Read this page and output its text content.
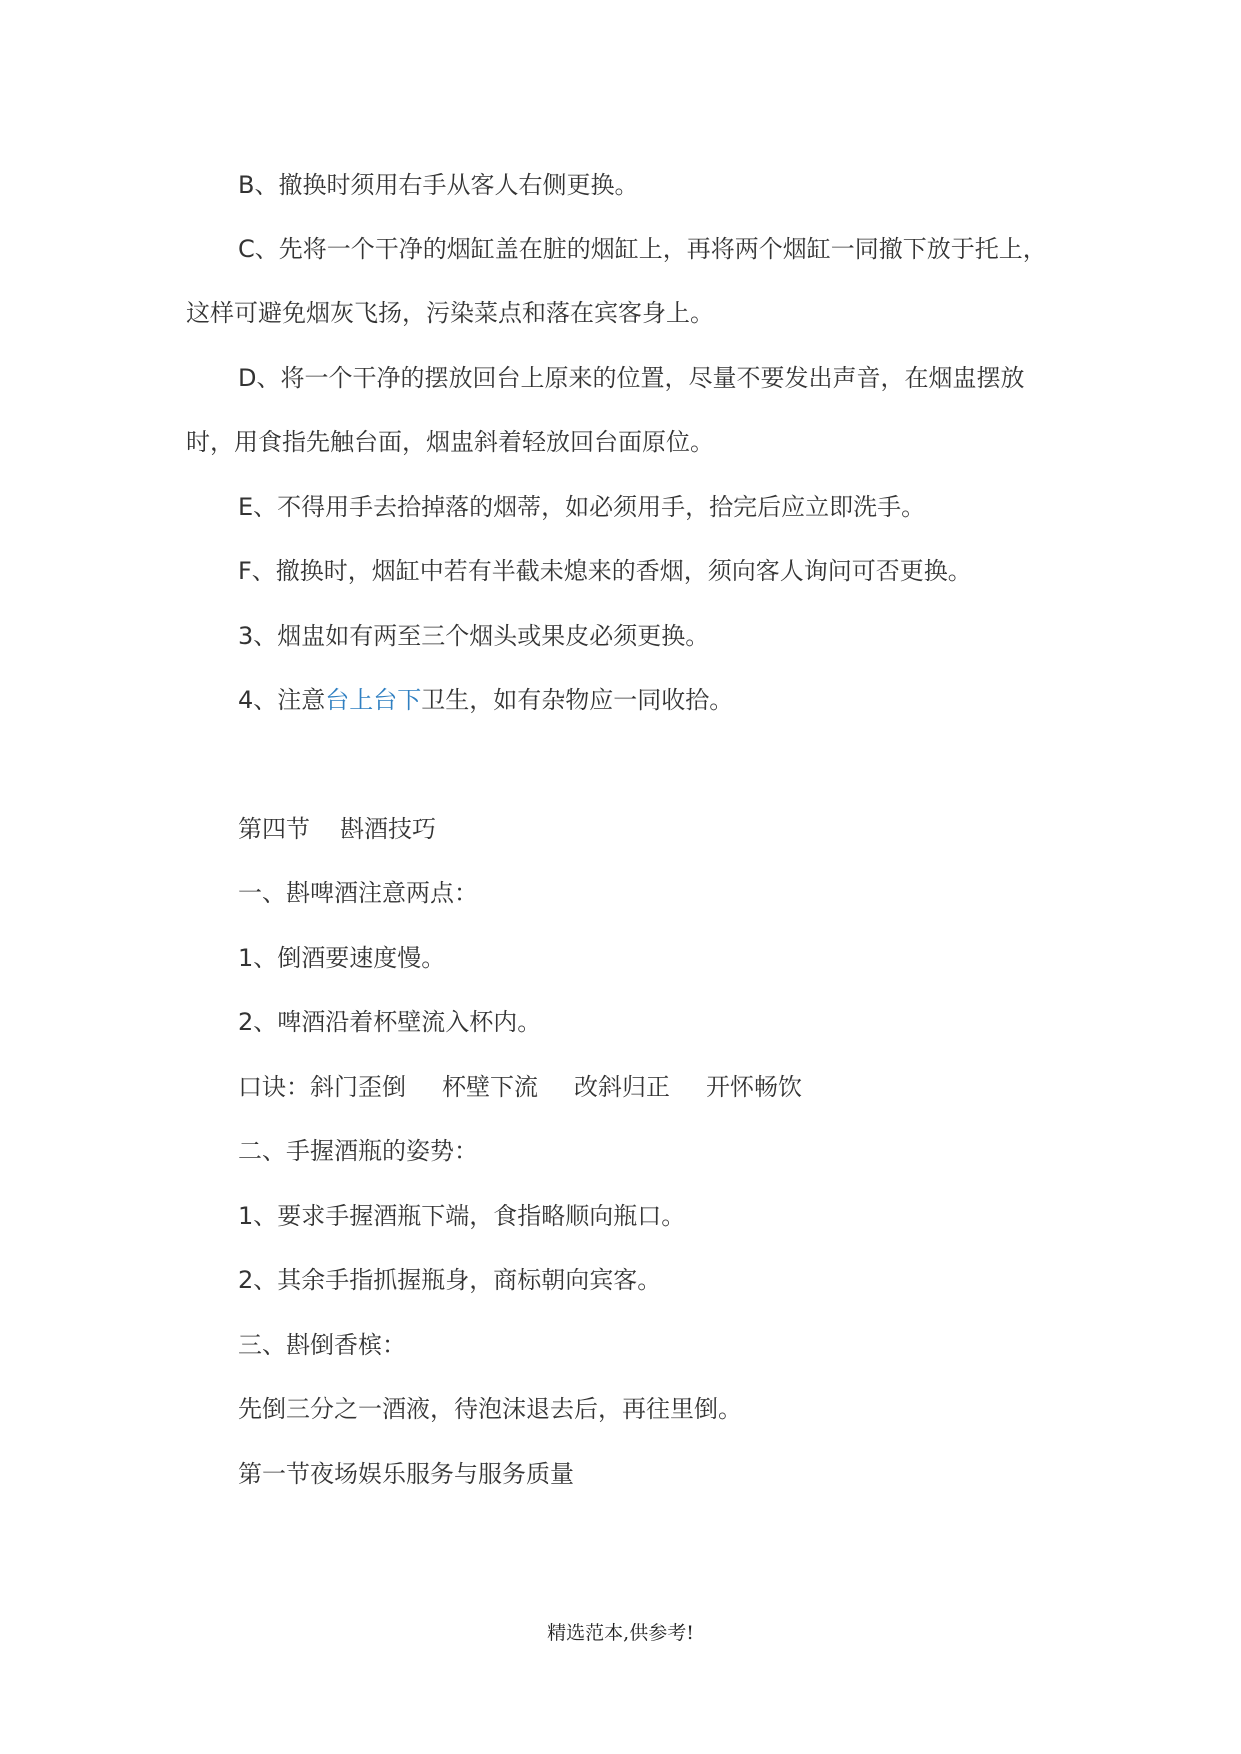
B、撤换时须用右手从客人右侧更换。
C、先将一个干净的烟缸盖在脏的烟缸上，再将两个烟缸一同撤下放于托上，
这样可避免烟灰飞扬，污染菜点和落在宾客身上。
D、将一个干净的摆放回台上原来的位置，尽量不要发出声音，在烟盅摆放
时，用食指先触台面，烟盅斜着轻放回台面原位。
E、不得用手去拾掉落的烟蒂，如必须用手，拾完后应立即洗手。
F、撤换时，烟缸中若有半截未熄来的香烟，须向客人询问可否更换。
3、烟盅如有两至三个烟头或果皮必须更换。
4、注意台上台下卫生，如有杂物应一同收拾。
第四节 斟酒技巧
一、斟啤酒注意两点：
1、倒酒要速度慢。
2、啤酒沿着杯壁流入杯内。
口诀：斜门歪倒 杯壁下流 改斜归正 开怀畅饮
二、手握酒瓶的姿势：
1、要求手握酒瓶下端，食指略顺向瓶口。
2、其余手指抓握瓶身，商标朝向宾客。
三、斟倒香槟：
先倒三分之一酒液，待泡沫退去后，再往里倒。
第一节夜场娱乐服务与服务质量
精选范本,供参考!
